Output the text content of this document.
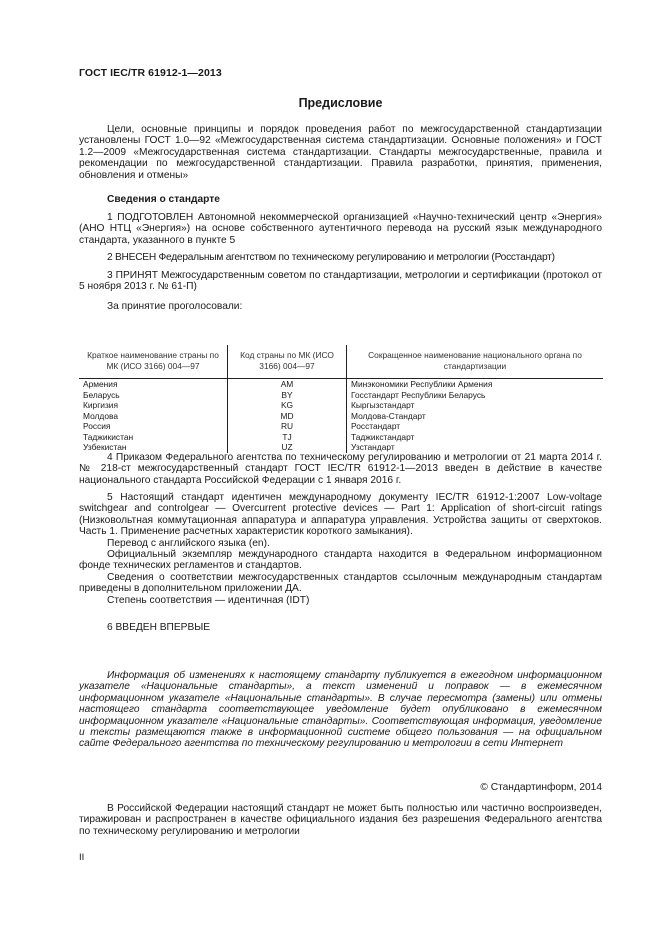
ГОСТ IEC/TR 61912-1—2013
Предисловие

Цели, основные принципы и порядок проведения работ по межгосударственной стандартизации установлены ГОСТ 1.0—92 «Межгосударственная система стандартизации. Основные положения» и ГОСТ 1.2—2009 «Межгосударственная система стандартизации. Стандарты межгосударственные, правила и рекомендации по межгосударственной стандартизации. Правила разработки, принятия, применения, обновления и отмены»

Сведения о стандарте

1 ПОДГОТОВЛЕН Автономной некоммерческой организацией «Научно-технический центр «Энергия» (АНО НТЦ «Энергия») на основе собственного аутентичного перевода на русский язык международного стандарта, указанного в пункте 5

2 ВНЕСЕН Федеральным агентством по техническому регулированию и метрологии (Росстандарт)

3 ПРИНЯТ Межгосударственным советом по стандартизации, метрологии и сертификации (протокол от 5 ноября 2013 г. № 61-П)

За принятие проголосовали:

Краткое наименование страны по МК (ИСО 3166) 004—97	Код страны по МК (ИСО 3166) 004—97	Сокращенное наименование национального органа по стандартизации
Армения	AM	Минэкономики Республики Армения
Беларусь	BY	Госстандарт Республики Беларусь
Киргизия	KG	Кыргызстандарт
Молдова	MD	Молдова-Стандарт
Россия	RU	Росстандарт
Таджикистан	TJ	Таджикстандарт
Узбекистан	UZ	Узстандарт

4 Приказом Федерального агентства по техническому регулированию и метрологии от 21 марта 2014 г. № 218-ст межгосударственный стандарт ГОСТ IEC/TR 61912-1—2013 введен в действие в качестве национального стандарта Российской Федерации с 1 января 2016 г.

5 Настоящий стандарт идентичен международному документу IEC/TR 61912-1:2007 Low-voltage switchgear and controlgear — Overcurrent protective devices — Part 1: Application of short-circuit ratings (Низковольтная коммутационная аппаратура и аппаратура управления. Устройства защиты от сверхтоков. Часть 1. Применение расчетных характеристик короткого замыкания).

Перевод с английского языка (en).

Официальный экземпляр международного стандарта находится в Федеральном информационном фонде технических регламентов и стандартов.

Сведения о соответствии межгосударственных стандартов ссылочным международным стандартам приведены в дополнительном приложении ДА.

Степень соответствия — идентичная (IDT)

6 ВВЕДЕН ВПЕРВЫЕ

Информация об изменениях к настоящему стандарту публикуется в ежегодном информационном указателе «Национальные стандарты», а текст изменений и поправок — в ежемесячном информационном указателе «Национальные стандарты». В случае пересмотра (замены) или отмены настоящего стандарта соответствующее уведомление будет опубликовано в ежемесячном информационном указателе «Национальные стандарты». Соответствующая информация, уведомление и тексты размещаются также в информационной системе общего пользования — на официальном сайте Федерального агентства по техническому регулированию и метрологии в сети Интернет

© Стандартинформ, 2014

В Российской Федерации настоящий стандарт не может быть полностью или частично воспроизведен, тиражирован и распространен в качестве официального издания без разрешения Федерального агентства по техническому регулированию и метрологии

II
